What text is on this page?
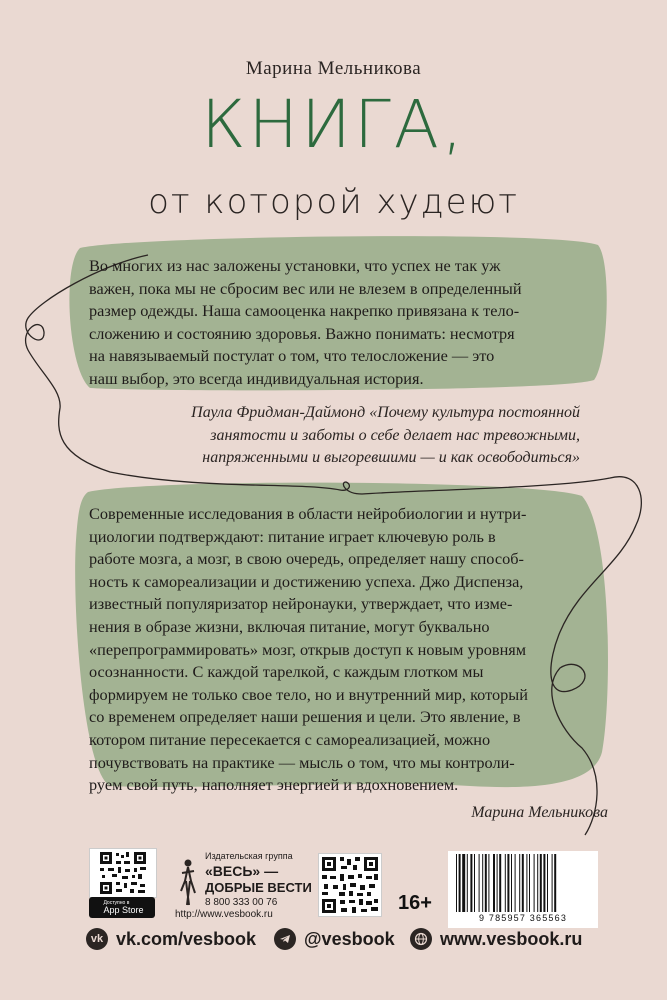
Марина Мельникова
КНИГА,
от которой худеют
Во многих из нас заложены установки, что успех не так уж
важен, пока мы не сбросим вес или не влезем в определенный
размер одежды. Наша самооценка накрепко привязана к тело-
сложению и состоянию здоровья. Важно понимать: несмотря
на навязываемый постулат о том, что телосложение — это
наш выбор, это всегда индивидуальная история.
Паула Фридман-Даймонд «Почему культура постоянной
занятости и заботы о себе делает нас тревожными,
напряженными и выгоревшими — и как освободиться»
Современные исследования в области нейробиологии и нутри-
циологии подтверждают: питание играет ключевую роль в
работе мозга, а мозг, в свою очередь, определяет нашу способ-
ность к самореализации и достижению успеха. Джо Диспенза,
известный популяризатор нейронауки, утверждает, что изме-
нения в образе жизни, включая питание, могут буквально
«перепрограммировать» мозг, открыв доступ к новым уровням
осознанности. С каждой тарелкой, с каждым глотком мы
формируем не только свое тело, но и внутренний мир, который
со временем определяет наши решения и цели. Это явление, в
котором питание пересекается с самореализацией, можно
почувствовать на практике — мысль о том, что мы контроли-
руем свой путь, наполняет энергией и вдохновением.
Марина Мельникова
Доступно в
App Store
Издательская группа
«ВЕСЬ» —
ДОБРЫЕ ВЕСТИ
8 800 333 00 76
http://www.vesbook.ru
16+
9 785957 365563
vk vk.com/vesbook	@vesbook	www.vesbook.ru
